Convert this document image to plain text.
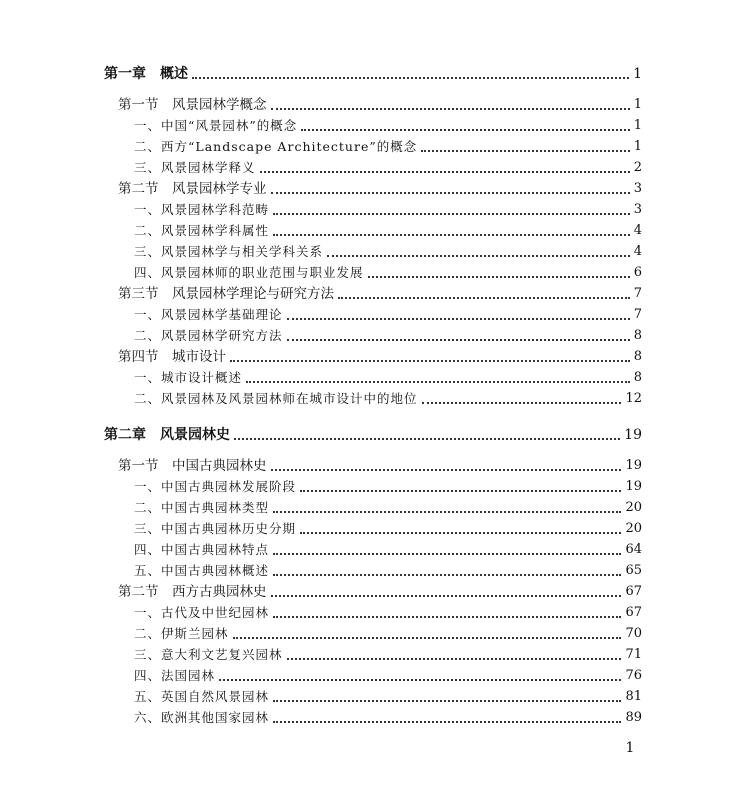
第一章　概述	1
第一节　风景园林学概念	1
一、中国“风景园林”的概念	1
二、西方“Landscape Architecture”的概念	1
三、风景园林学释义	2
第二节　风景园林学专业	3
一、风景园林学科范畴	3
二、风景园林学科属性	4
三、风景园林学与相关学科关系	4
四、风景园林师的职业范围与职业发展	6
第三节　风景园林学理论与研究方法	7
一、风景园林学基础理论	7
二、风景园林学研究方法	8
第四节　城市设计	8
一、城市设计概述	8
二、风景园林及风景园林师在城市设计中的地位	12
第二章　风景园林史	19
第一节　中国古典园林史	19
一、中国古典园林发展阶段	19
二、中国古典园林类型	20
三、中国古典园林历史分期	20
四、中国古典园林特点	64
五、中国古典园林概述	65
第二节　西方古典园林史	67
一、古代及中世纪园林	67
二、伊斯兰园林	70
三、意大利文艺复兴园林	71
四、法国园林	76
五、英国自然风景园林	81
六、欧洲其他国家园林	89
1
